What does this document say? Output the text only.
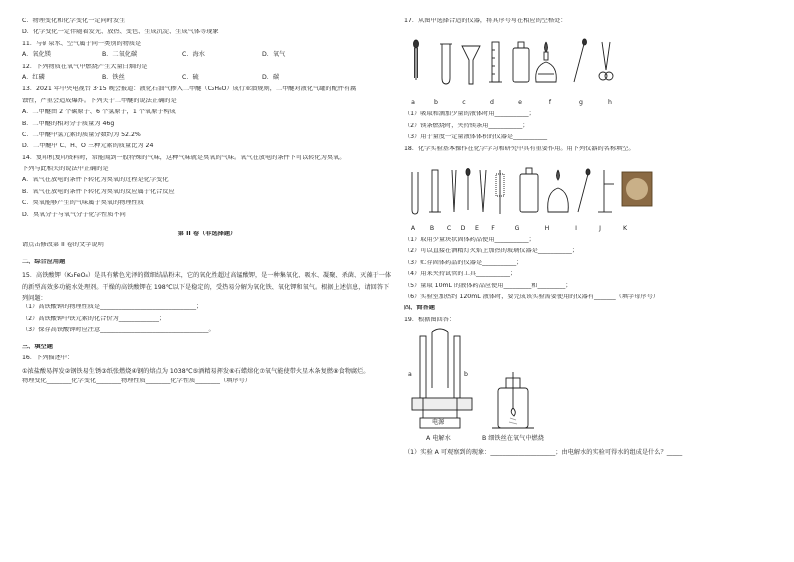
C．物理变化和化学变化一定同时发生
D．化学变化一定伴随着发光、放热、变色、生成沉淀、生成气体等现象
11．与矿泉水、空气属于同一类别的物质是
A．氧化镁	B．二氧化碳	C．海水	D．氧气
12．下列物质在氧气中燃烧产生大量白烟的是
A．红磷	B．铁丝	C．硫	D．碳
13．2021 年中央电视台 3·15 晚会报道：液化石油气掺入二甲醚（C₂H₆O）成行业潜规则，二甲醚对液化气罐的配件有腐
蚀性，严重会造成爆炸。下列关于二甲醚的说法正确的是
A．二甲醚由 2 个碳原子、6 个氢原子，1 个氧原子构成
B．二甲醚的相对分子质量为 46g
C．二甲醚中氢元素的质量分数约为 52.2%
D．二甲醚中 C、H、O 三种元素的质量比为 24
14．复印机复印资料时，常能闻到一股特殊的气味，这种气味就是臭氧的气味。氧气在放电的条件下可以转化为臭氧。
下列与此相关的说法中正确的是
A．氧气在放电的条件下转化为臭氧的过程是化学变化
B．氧气在放电的条件下转化为臭氧的反应属于化合反应
C．臭氧能够产生的气味属于臭氧的物理性质
D．臭氧分子与氧气分子化学性质不同
第 II 卷（非选择题）
请点击修改第 II 卷的文字说明
二、综合应用题
15．高铁酸钾（K₂FeO₄）是具有紫色光泽的微细结晶粉末，它的氧化性超过高锰酸钾，是一种集氧化、吸水、凝聚、杀菌、灭藻于一体的新型高效多功能水处理剂。干燥的高铁酸钾在 198℃以下是稳定的，受热易分解为氧化铁、氧化钾和氧气。根据上述信息，请回答下列问题：
（1）高铁酸钾的物理性质是_______________________________；
（2）高铁酸钾中铁元素的化合价为_____________；
（3）保存高铁酸钾时应注意___________________________________。
三、填空题
16．下列描述中：
①浓盐酸易挥发②钢铁易生锈③纸张燃烧④钢的熔点为 1038℃⑤酒精易挥发⑥石蜡熔化⑦氧气能使带火星木条复燃⑧食物腐烂。
物理变化________化学变化________物理性质________化学性质________（填序号）
17．从图中选择合适的仪器，将其序号写在相应的空格处：
a	b	c	d	e	f	g	h
（1）吸取和滴加少量的液体时用___________；
（2）镁条燃烧时，夹持镁条用___________；
（3）用于量度一定量液体体积的仪器是___________
18．化学实验基本操作在化学学习和研究中具有重要作用。用下列仪器的名称填空。
A	B	C	D	E	F	G	H	I	J	K
（1）取用少量块状固体药品使用___________；
（2）可以直接在酒精灯火焰上加热的玻璃仪器是___________；
（3）贮存固体药品的仪器是___________；
（4）用来夹持试管的工具___________；
（5）量取 10mL 的液体药品应使用_________和_________；
（6）实验室加热约 120mL 液体时，要完成该实验需要使用的仪器有_______（填字母序号）
四、简答题
19．根据图回答：
a	b
电源
A 电解水	B 细铁丝在氧气中燃烧
（1）实验 A 可观察到的现象：_____________________；由电解水的实验可得水的组成是什么？_____
